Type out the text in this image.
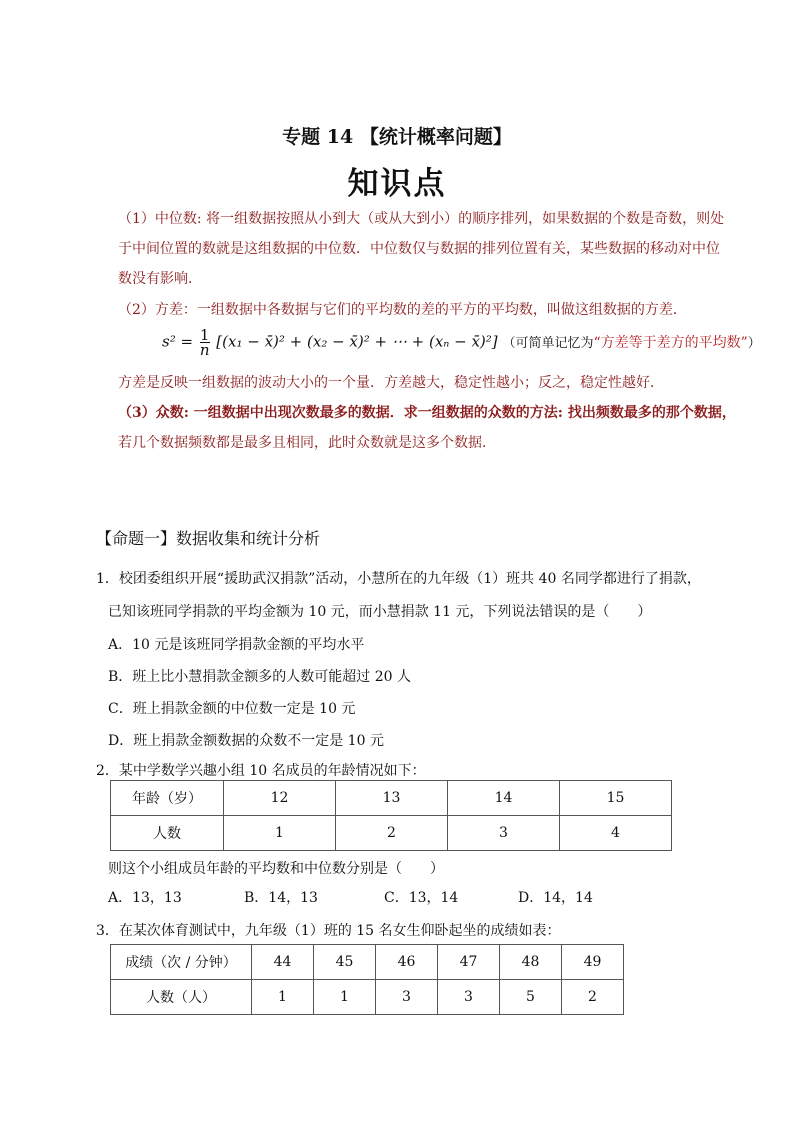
专题 14 【统计概率问题】
知识点
（1）中位数: 将一组数据按照从小到大（或从大到小）的顺序排列，如果数据的个数是奇数，则处
于中间位置的数就是这组数据的中位数．中位数仅与数据的排列位置有关，某些数据的移动对中位
数没有影响.
（2）方差：一组数据中各数据与它们的平均数的差的平方的平均数，叫做这组数据的方差．
$s^2 = \frac{1}{n} [(x_1$ − x̄)² + (x₂ − x̄)² + ⋯ + (xₙ − x̄)²] （可简单记忆为“方差等于差方的平均数”）
方差是反映一组数据的波动大小的一个量．方差越大，稳定性越小；反之，稳定性越好．
（3）众数: 一组数据中出现次数最多的数据．求一组数据的众数的方法: 找出频数最多的那个数据，
若几个数据频数都是最多且相同，此时众数就是这多个数据．
【命题一】数据收集和统计分析
1．校团委组织开展“援助武汉捐款”活动，小慧所在的九年级（1）班共 40 名同学都进行了捐款，
已知该班同学捐款的平均金额为 10 元，而小慧捐款 11 元，下列说法错误的是（　　）
A．10 元是该班同学捐款金额的平均水平
B．班上比小慧捐款金额多的人数可能超过 20 人
C．班上捐款金额的中位数一定是 10 元
D．班上捐款金额数据的众数不一定是 10 元
2．某中学数学兴趣小组 10 名成员的年龄情况如下：
年龄（岁）	12	13	14	15
人数	1	2	3	4
则这个小组成员年龄的平均数和中位数分别是（　　）
A．13，13	B．14，13	C．13，14	D．14，14
3．在某次体育测试中，九年级（1）班的 15 名女生仰卧起坐的成绩如表：
成绩（次 / 分钟）	44	45	46	47	48	49
人数（人）	1	1	3	3	5	2
